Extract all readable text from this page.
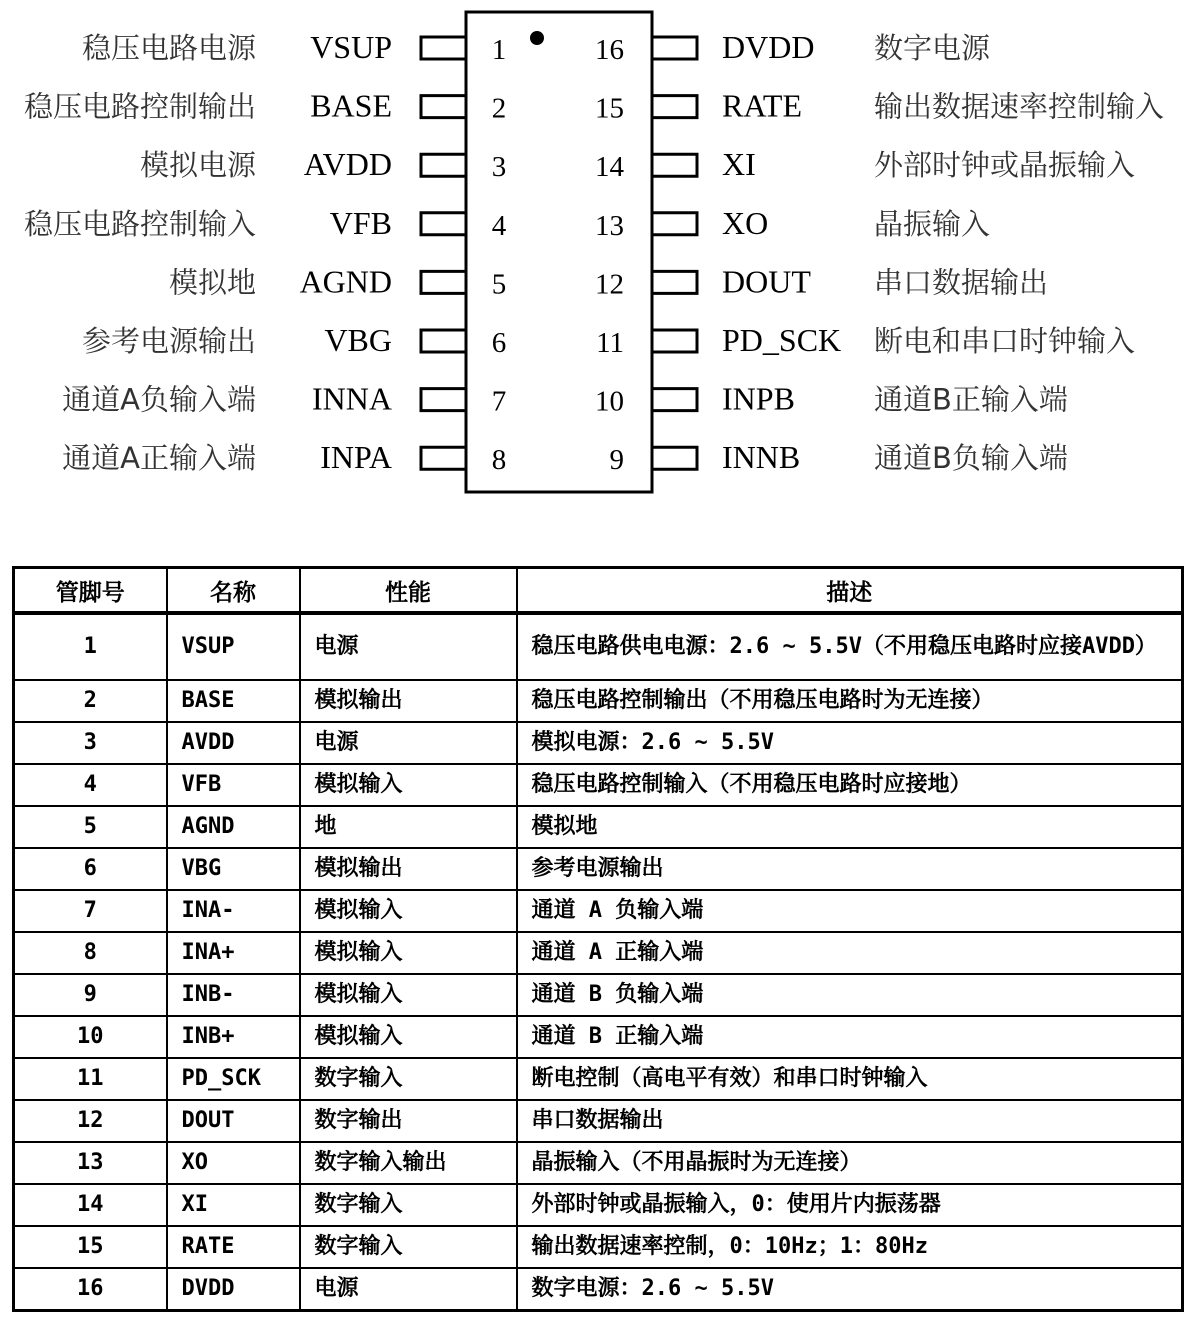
1
VSUP
稳压电路电源
2
BASE
稳压电路控制输出
3
AVDD
模拟电源
4
VFB
稳压电路控制输入
5
AGND
模拟地
6
VBG
参考电源输出
7
INNA
通道A负输入端
8
INPA
通道A正输入端
16	DVDD 数字电源
15	RATE 输出数据速率控制输入
14	XI	外部时钟或晶振输入
13	XO	晶振输入
12	DOUT 串口数据输出
11	PD_SCK 断电和串口时钟输入
10	INPB	通道B正输入端
9	INNB	通道B负输入端
管脚号	名称	性能	描述
1	VSUP	电源	稳压电路供电电源：2.6 ~ 5.5V（不用稳压电路时应接AVDD）
2	BASE	模拟输出	稳压电路控制输出（不用稳压电路时为无连接）
3	AVDD	电源	模拟电源：2.6 ~ 5.5V
4	VFB	模拟输入	稳压电路控制输入（不用稳压电路时应接地）
5	AGND	地	模拟地
6	VBG	模拟输出	参考电源输出
7	INA-	模拟输入	通道 A 负输入端
8	INA+	模拟输入	通道 A 正输入端
9	INB-	模拟输入	通道 B 负输入端
10	INB+	模拟输入	通道 B 正输入端
11	PD_SCK	数字输入	断电控制（高电平有效）和串口时钟输入
12	DOUT	数字输出	串口数据输出
13	XO	数字输入输出	晶振输入（不用晶振时为无连接）
14	XI	数字输入	外部时钟或晶振输入，0：使用片内振荡器
15	RATE	数字输入	输出数据速率控制，0：10Hz；1：80Hz
16	DVDD	电源	数字电源：2.6 ~ 5.5V
